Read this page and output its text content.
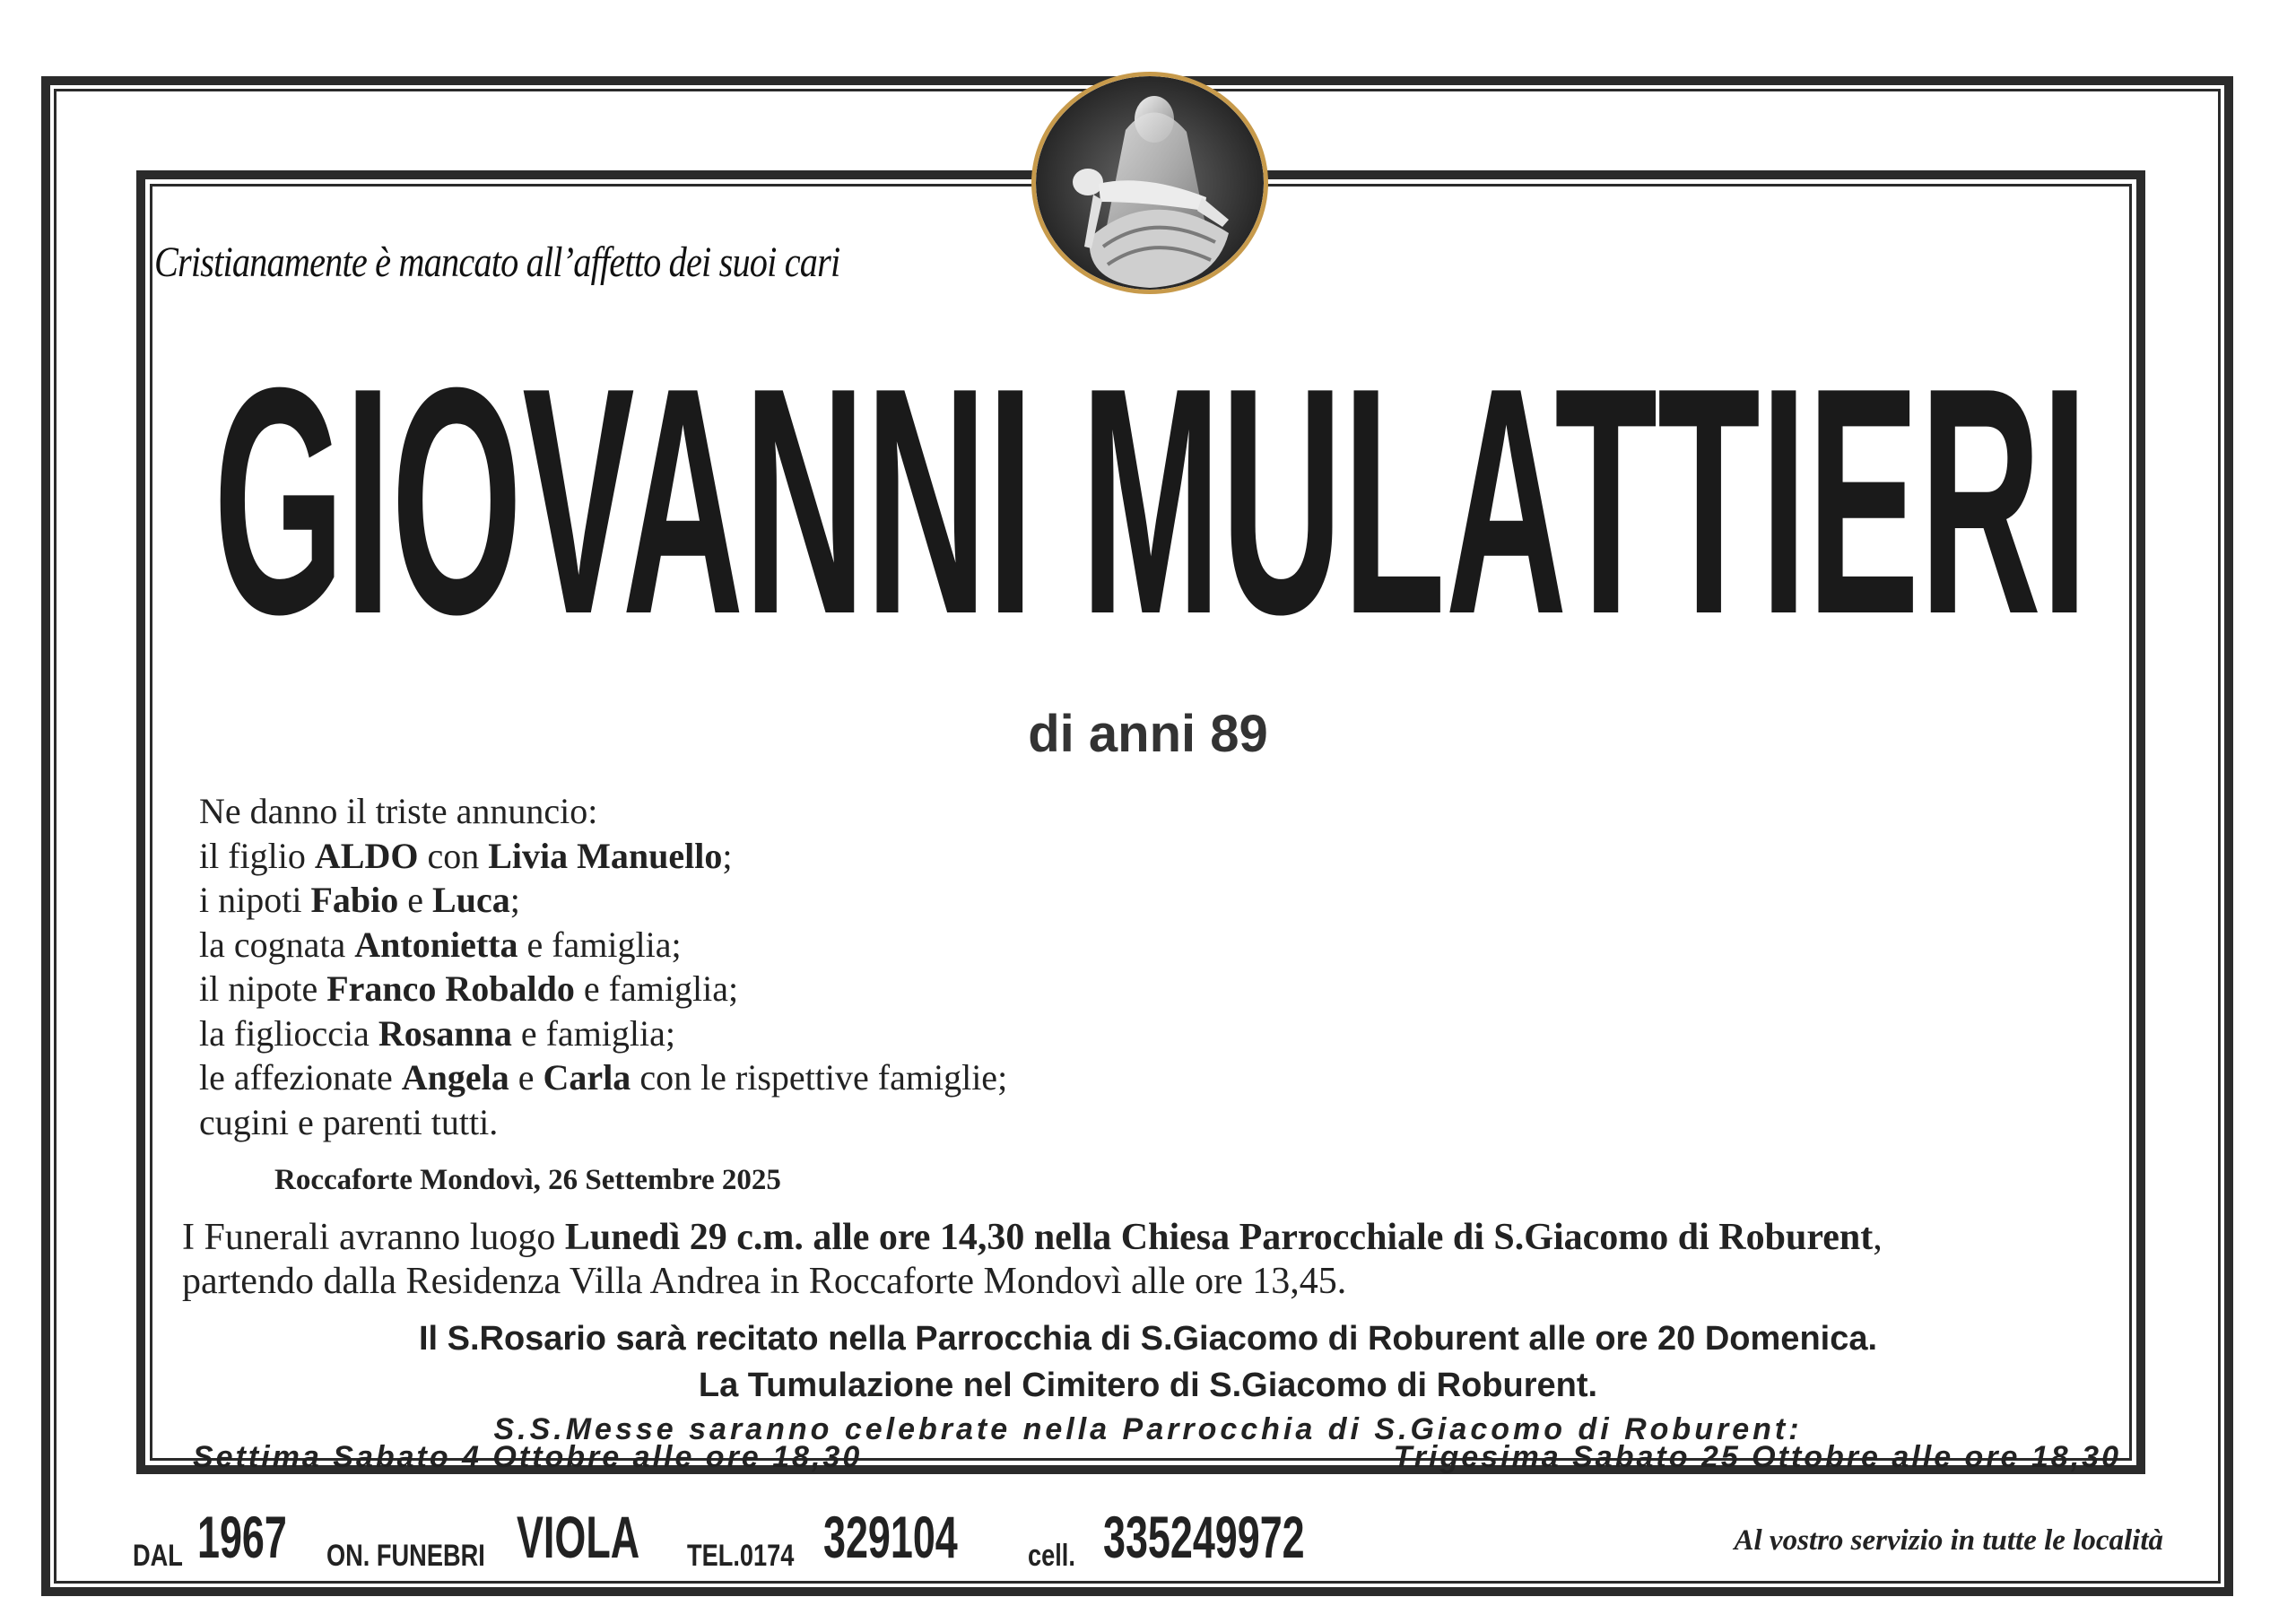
Cristianamente è mancato all’affetto dei suoi cari
GIOVANNI MULATTIERI
di anni 89
Ne danno il triste annuncio:
il figlio ALDO con Livia Manuello;
i nipoti Fabio e Luca;
la cognata Antonietta e famiglia;
il nipote Franco Robaldo e famiglia;
la figlioccia Rosanna e famiglia;
le affezionate Angela e Carla con le rispettive famiglie;
cugini e parenti tutti.
Roccaforte Mondovì, 26 Settembre 2025
I Funerali avranno luogo Lunedì 29 c.m. alle ore 14,30 nella Chiesa Parrocchiale di S.Giacomo di Roburent,
partendo dalla Residenza Villa Andrea in Roccaforte Mondovì alle ore 13,45.
Il S.Rosario sarà recitato nella Parrocchia di S.Giacomo di Roburent alle ore 20 Domenica.
La Tumulazione nel Cimitero di S.Giacomo di Roburent.
S.S.Messe saranno celebrate nella Parrocchia di S.Giacomo di Roburent:
Settima Sabato 4 Ottobre alle ore 18,30	Trigesima Sabato 25 Ottobre alle ore 18,30
DAL 1967 ON. FUNEBRI VIOLA TEL.0174 329104 cell. 335249972	Al vostro servizio in tutte le località
